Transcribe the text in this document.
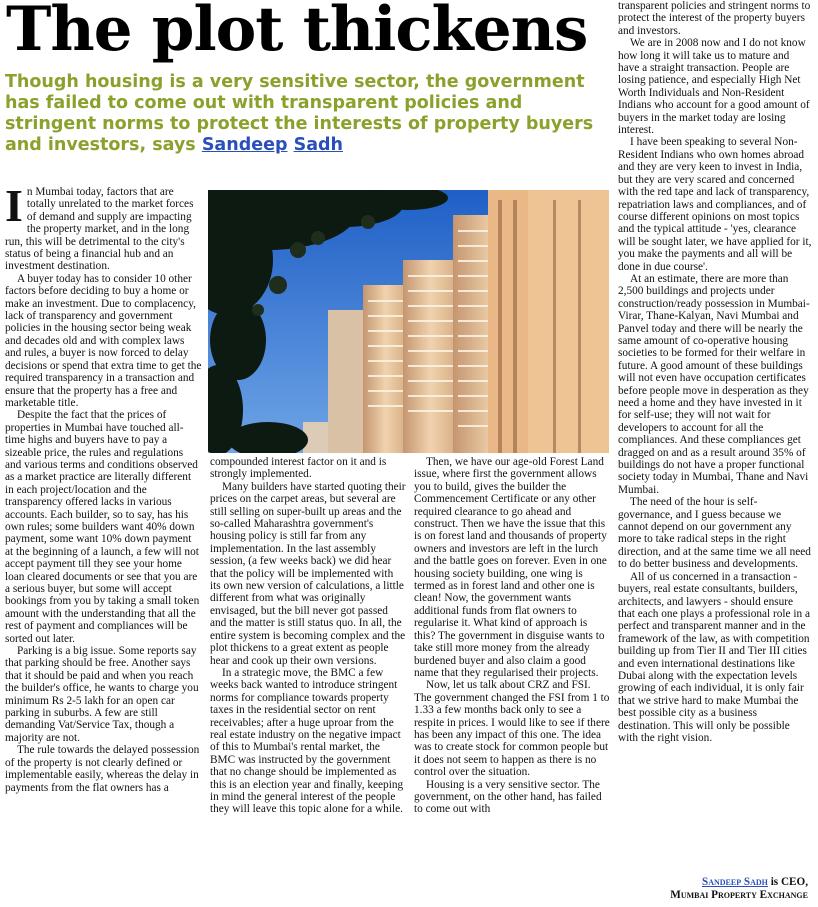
The plot thickens

Though housing is a very sensitive sector, the government has failed to come out with transparent policies and stringent norms to protect the interests of property buyers and investors, says Sandeep Sadh

In Mumbai today, factors that are totally unrelated to the market forces of demand and supply are impacting the property market, and in the long run, this will be detrimental to the city's status of being a financial hub and an investment destination.

A buyer today has to consider 10 other factors before deciding to buy a home or make an investment. Due to complacency, lack of transparency and government policies in the housing sector being weak and decades old and with complex laws and rules, a buyer is now forced to delay decisions or spend that extra time to get the required transparency in a transaction and ensure that the property has a free and marketable title.

Despite the fact that the prices of properties in Mumbai have touched all-time highs and buyers have to pay a sizeable price, the rules and regulations and various terms and conditions observed as a market practice are literally different in each project/location and the transparency offered lacks in various accounts. Each builder, so to say, has his own rules; some builders want 40% down payment, some want 10% down payment at the beginning of a launch, a few will not accept payment till they see your home loan cleared documents or see that you are a serious buyer, but some will accept bookings from you by taking a small token amount with the understanding that all the rest of payment and compliances will be sorted out later.

Parking is a big issue. Some reports say that parking should be free. Another says that it should be paid and when you reach the builder's office, he wants to charge you minimum Rs 2-5 lakh for an open car parking in suburbs. A few are still demanding Vat/Service Tax, though a majority are not.

The rule towards the delayed possession of the property is not clearly defined or implementable easily, whereas the delay in payments from the flat owners has a

compounded interest factor on it and is strongly implemented.

Many builders have started quoting their prices on the carpet areas, but several are still selling on super-built up areas and the so-called Maharashtra government's housing policy is still far from any implementation. In the last assembly session, (a few weeks back) we did hear that the policy will be implemented with its own new version of calculations, a little different from what was originally envisaged, but the bill never got passed and the matter is still status quo. In all, the entire system is becoming complex and the plot thickens to a great extent as people hear and cook up their own versions.

In a strategic move, the BMC a few weeks back wanted to introduce stringent norms for compliance towards property taxes in the residential sector on rent receivables; after a huge uproar from the real estate industry on the negative impact of this to Mumbai's rental market, the BMC was instructed by the government that no change should be implemented as this is an election year and finally, keeping in mind the general interest of the people they will leave this topic alone for a while.

Then, we have our age-old Forest Land issue, where first the government allows you to build, gives the builder the Commencement Certificate or any other required clearance to go ahead and construct. Then we have the issue that this is on forest land and thousands of property owners and investors are left in the lurch and the battle goes on forever. Even in one housing society building, one wing is termed as in forest land and other one is clean! Now, the government wants additional funds from flat owners to regularise it. What kind of approach is this? The government in disguise wants to take still more money from the already burdened buyer and also claim a good name that they regularised their projects.

Now, let us talk about CRZ and FSI. The government changed the FSI from 1 to 1.33 a few months back only to see a respite in prices. I would like to see if there has been any impact of this one. The idea was to create stock for common people but it does not seem to happen as there is no control over the situation.

Housing is a very sensitive sector. The government, on the other hand, has failed to come out with

transparent policies and stringent norms to protect the interest of the property buyers and investors.

We are in 2008 now and I do not know how long it will take us to mature and have a straight transaction. People are losing patience, and especially High Net Worth Individuals and Non-Resident Indians who account for a good amount of buyers in the market today are losing interest.

I have been speaking to several Non-Resident Indians who own homes abroad and they are very keen to invest in India, but they are very scared and concerned with the red tape and lack of transparency, repatriation laws and compliances, and of course different opinions on most topics and the typical attitude - 'yes, clearance will be sought later, we have applied for it, you make the payments and all will be done in due course'.

At an estimate, there are more than 2,500 buildings and projects under construction/ready possession in Mumbai-Virar, Thane-Kalyan, Navi Mumbai and Panvel today and there will be nearly the same amount of co-operative housing societies to be formed for their welfare in future. A good amount of these buildings will not even have occupation certificates before people move in desperation as they need a home and they have invested in it for self-use; they will not wait for developers to account for all the compliances. And these compliances get dragged on and as a result around 35% of buildings do not have a proper functional society today in Mumbai, Thane and Navi Mumbai.

The need of the hour is self-governance, and I guess because we cannot depend on our government any more to take radical steps in the right direction, and at the same time we all need to do better business and developments.

All of us concerned in a transaction - buyers, real estate consultants, builders, architects, and lawyers - should ensure that each one plays a professional role in a perfect and transparent manner and in the framework of the law, as with competition building up from Tier II and Tier III cities and even international destinations like Dubai along with the expectation levels growing of each individual, it is only fair that we strive hard to make Mumbai the best possible city as a business destination. This will only be possible with the right vision.

Sandeep Sadh is CEO,
Mumbai Property Exchange
